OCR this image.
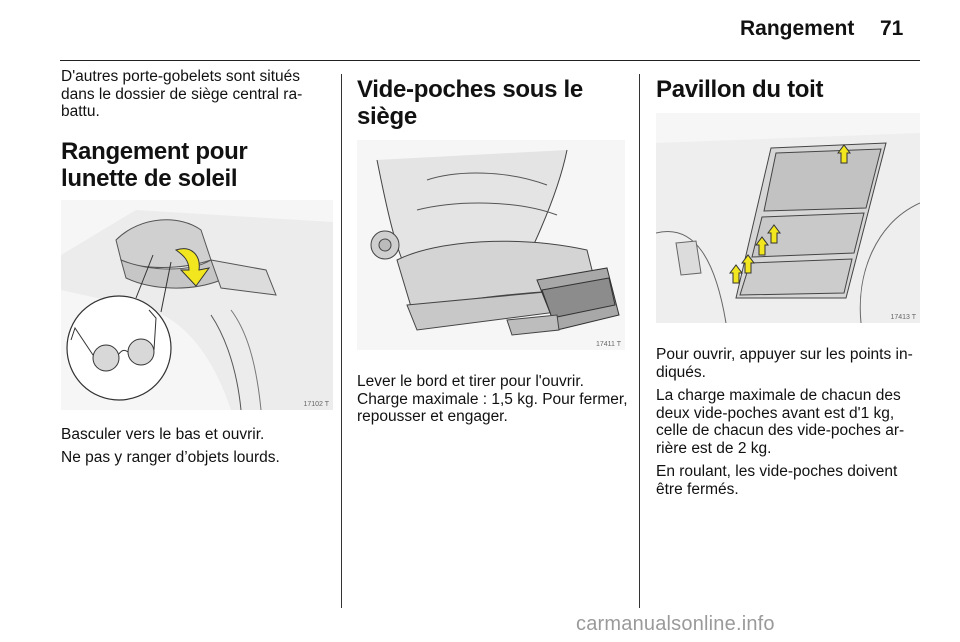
Rangement 71

D'autres porte-gobelets sont situés dans le dossier de siège central rabattu.

Rangement pour lunette de soleil
17102 T

Basculer vers le bas et ouvrir.

Ne pas y ranger d’objets lourds.

Vide-poches sous le siège
17411 T

Lever le bord et tirer pour l'ouvrir. Charge maximale : 1,5 kg. Pour fermer, repousser et engager.

Pavillon du toit
17413 T

Pour ouvrir, appuyer sur les points indiqués.

La charge maximale de chacun des deux vide-poches avant est d'1 kg, celle de chacun des vide-poches arrière est de 2 kg.

En roulant, les vide-poches doivent être fermés.

carmanualsonline.info
